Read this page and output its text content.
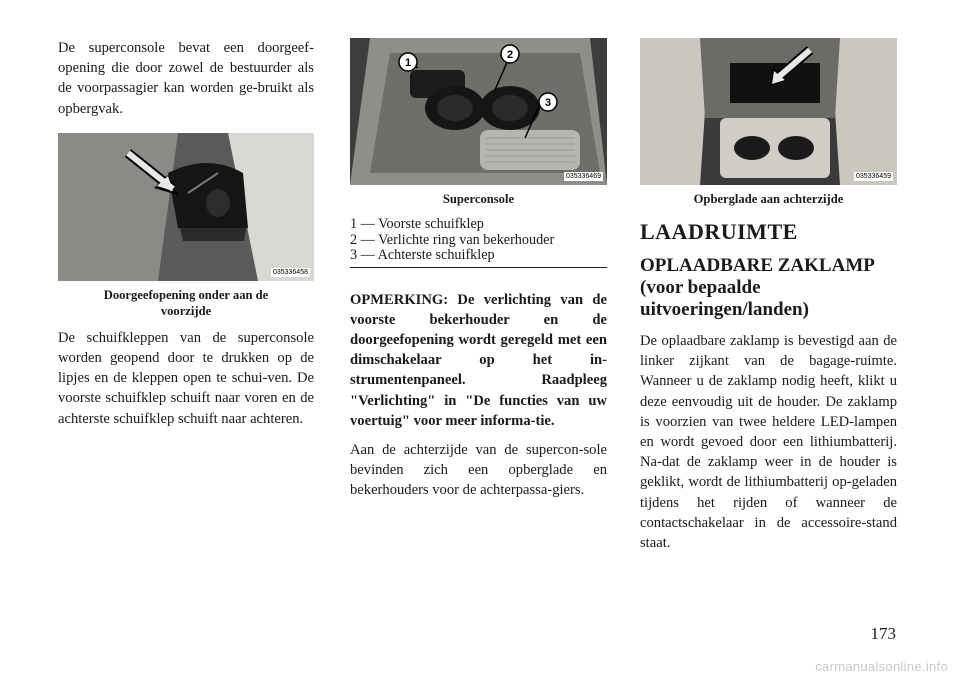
De superconsole bevat een doorgeef-opening die door zowel de bestuurder als de voorpassagier kan worden ge-bruikt als opbergvak.

035336458
Doorgeefopening onder aan de
voorzijde

De schuifkleppen van de superconsole worden geopend door te drukken op de lipjes en de kleppen open te schui-ven. De voorste schuifklep schuift naar voren en de achterste schuifklep schuift naar achteren.

1
2
3
035336469
Superconsole
1 — Voorste schuifklep
2 — Verlichte ring van bekerhouder
3 — Achterste schuifklep

OPMERKING: De verlichting van de voorste bekerhouder en de doorgeefopening wordt geregeld met een dimschakelaar op het in-strumentenpaneel. Raadpleeg "Verlichting" in "De functies van uw voertuig" voor meer informa-tie.

Aan de achterzijde van de supercon-sole bevinden zich een opberglade en bekerhouders voor de achterpassa-giers.

035336459
Opberglade aan achterzijde
LAADRUIMTE
OPLAADBARE ZAKLAMP
(voor bepaalde
uitvoeringen/landen)

De oplaadbare zaklamp is bevestigd aan de linker zijkant van de bagage-ruimte. Wanneer u de zaklamp nodig heeft, klikt u deze eenvoudig uit de houder. De zaklamp is voorzien van twee heldere LED-lampen en wordt gevoed door een lithiumbatterij. Na-dat de zaklamp weer in de houder is geklikt, wordt de lithiumbatterij op-geladen tijdens het rijden of wanneer de contactschakelaar in de accessoire-stand staat.

173
carmanualsonline.info
